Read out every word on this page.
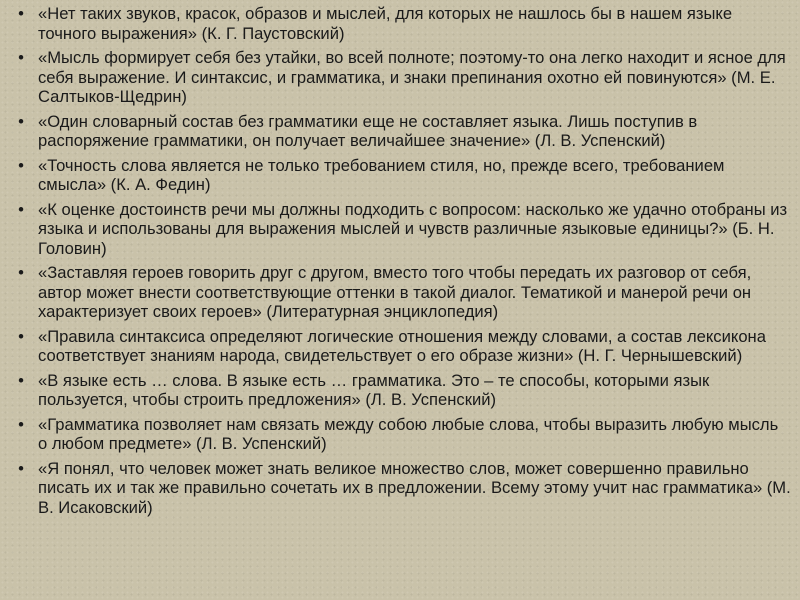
• «Нет таких звуков, красок, образов и мыслей, для которых не нашлось бы в нашем языке точного выражения» (К. Г. Паустовский)
• «Мысль формирует себя без утайки, во всей полноте; поэтому-то она легко находит и ясное для себя выражение. И синтаксис, и грамматика, и знаки препинания охотно ей повинуются» (М. Е. Салтыков-Щедрин)
• «Один словарный состав без грамматики еще не составляет языка. Лишь поступив в распоряжение грамматики, он получает величайшее значение» (Л. В. Успенский)
• «Точность слова является не только требованием стиля, но, прежде всего, требованием смысла» (К. А. Федин)
• «К оценке достоинств речи мы должны подходить с вопросом: насколько же удачно отобраны из языка и использованы для выражения мыслей и чувств различные языковые единицы?» (Б. Н. Головин)
• «Заставляя героев говорить друг с другом, вместо того чтобы передать их разговор от себя, автор может внести соответствующие оттенки в такой диалог. Тематикой и манерой речи он характеризует своих героев» (Литературная энциклопедия)
• «Правила синтаксиса определяют логические отношения между словами, а состав лексикона соответствует знаниям народа, свидетельствует о его образе жизни» (Н. Г. Чернышевский)
• «В языке есть … слова. В языке есть … грамматика. Это – те способы, которыми язык пользуется, чтобы строить предложения» (Л. В. Успенский)
• «Грамматика позволяет нам связать между собою любые слова, чтобы выразить любую мысль о любом предмете» (Л. В. Успенский)
• «Я понял, что человек может знать великое множество слов, может совершенно правильно писать их и так же правильно сочетать их в предложении. Всему этому учит нас грамматика» (М. В. Исаковский)
